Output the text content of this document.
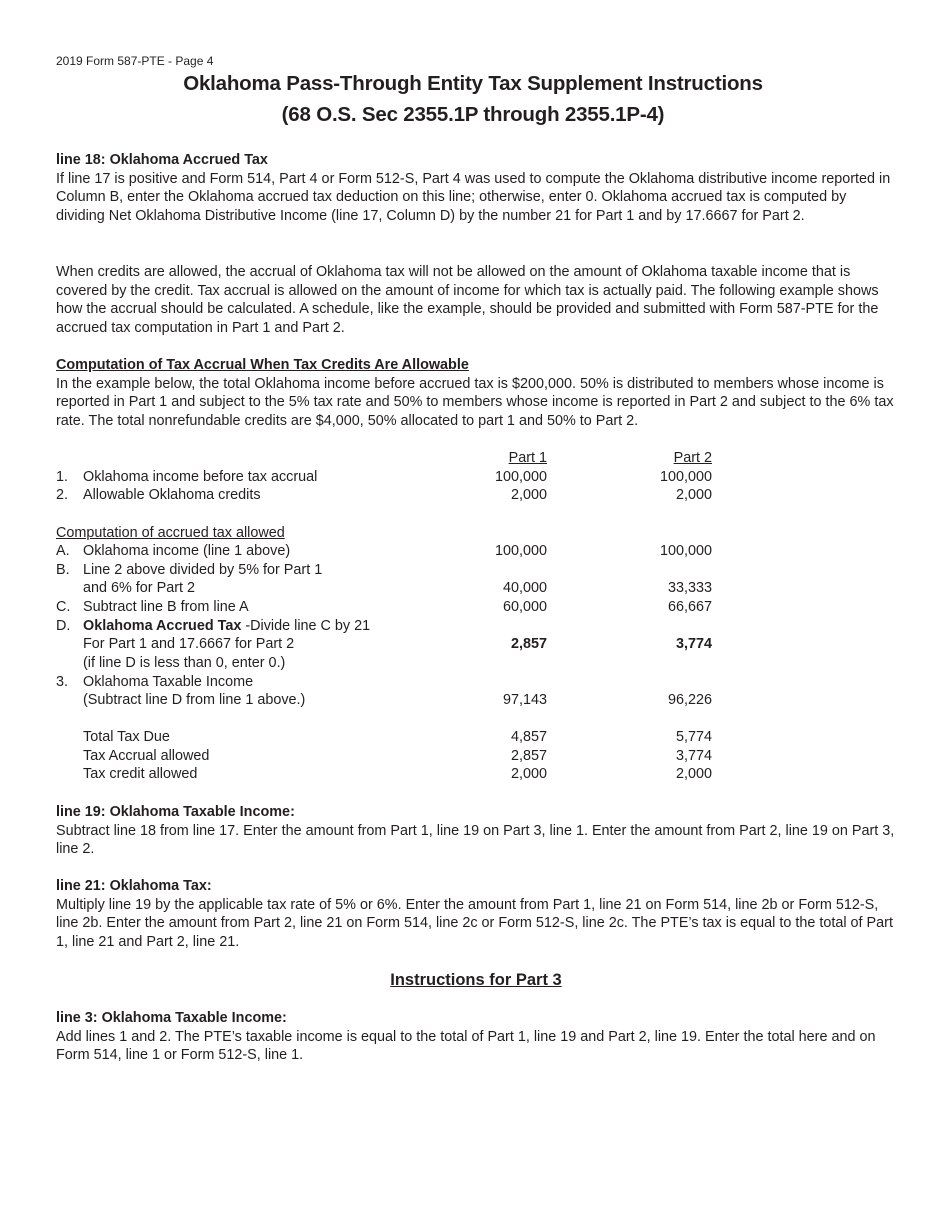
2019 Form 587-PTE - Page 4
Oklahoma Pass-Through Entity Tax Supplement Instructions
(68 O.S. Sec 2355.1P through 2355.1P-4)

line 18: Oklahoma Accrued Tax

If line 17 is positive and Form 514, Part 4 or Form 512-S, Part 4 was used to compute the Oklahoma distributive income reported in Column B, enter the Oklahoma accrued tax deduction on this line; otherwise, enter 0. Oklahoma accrued tax is computed by dividing Net Oklahoma Distributive Income (line 17, Column D) by the number 21 for Part 1 and by 17.6667 for Part 2.

When credits are allowed, the accrual of Oklahoma tax will not be allowed on the amount of Oklahoma taxable income that is covered by the credit. Tax accrual is allowed on the amount of income for which tax is actually paid. The following example shows how the accrual should be calculated. A schedule, like the example, should be provided and submitted with Form 587-PTE for the accrued tax computation in Part 1 and Part 2.

Computation of Tax Accrual When Tax Credits Are Allowable

In the example below, the total Oklahoma income before accrued tax is $200,000. 50% is distributed to members whose income is reported in Part 1 and subject to the 5% tax rate and 50% to members whose income is reported in Part 2 and subject to the 6% tax rate. The total nonrefundable credits are $4,000, 50% allocated to part 1 and 50% to Part 2.

Part 1	Part 2
1.	Oklahoma income before tax accrual	100,000	100,000
2.	Allowable Oklahoma credits	2,000	2,000
Computation of accrued tax allowed
A. Oklahoma income (line 1 above)	100,000	100,000
B. Line 2 above divided by 5% for Part 1
and 6% for Part 2	40,000	33,333
C. Subtract line B from line A	60,000	66,667
D. Oklahoma Accrued Tax -Divide line C by 21
For Part 1 and 17.6667 for Part 2	2,857	3,774
(if line D is less than 0, enter 0.)
3.	Oklahoma Taxable Income
(Subtract line D from line 1 above.)	97,143	96,226
Total Tax Due	4,857	5,774
Tax Accrual allowed	2,857	3,774
Tax credit allowed	2,000	2,000

line 19: Oklahoma Taxable Income:

Subtract line 18 from line 17. Enter the amount from Part 1, line 19 on Part 3, line 1. Enter the amount from Part 2, line 19 on Part 3, line 2.

line 21: Oklahoma Tax:

Multiply line 19 by the applicable tax rate of 5% or 6%. Enter the amount from Part 1, line 21 on Form 514, line 2b or Form 512-S, line 2b. Enter the amount from Part 2, line 21 on Form 514, line 2c or Form 512-S, line 2c. The PTE’s tax is equal to the total of Part 1, line 21 and Part 2, line 21.

Instructions for Part 3

line 3: Oklahoma Taxable Income:

Add lines 1 and 2. The PTE’s taxable income is equal to the total of Part 1, line 19 and Part 2, line 19. Enter the total here and on Form 514, line 1 or Form 512-S, line 1.
